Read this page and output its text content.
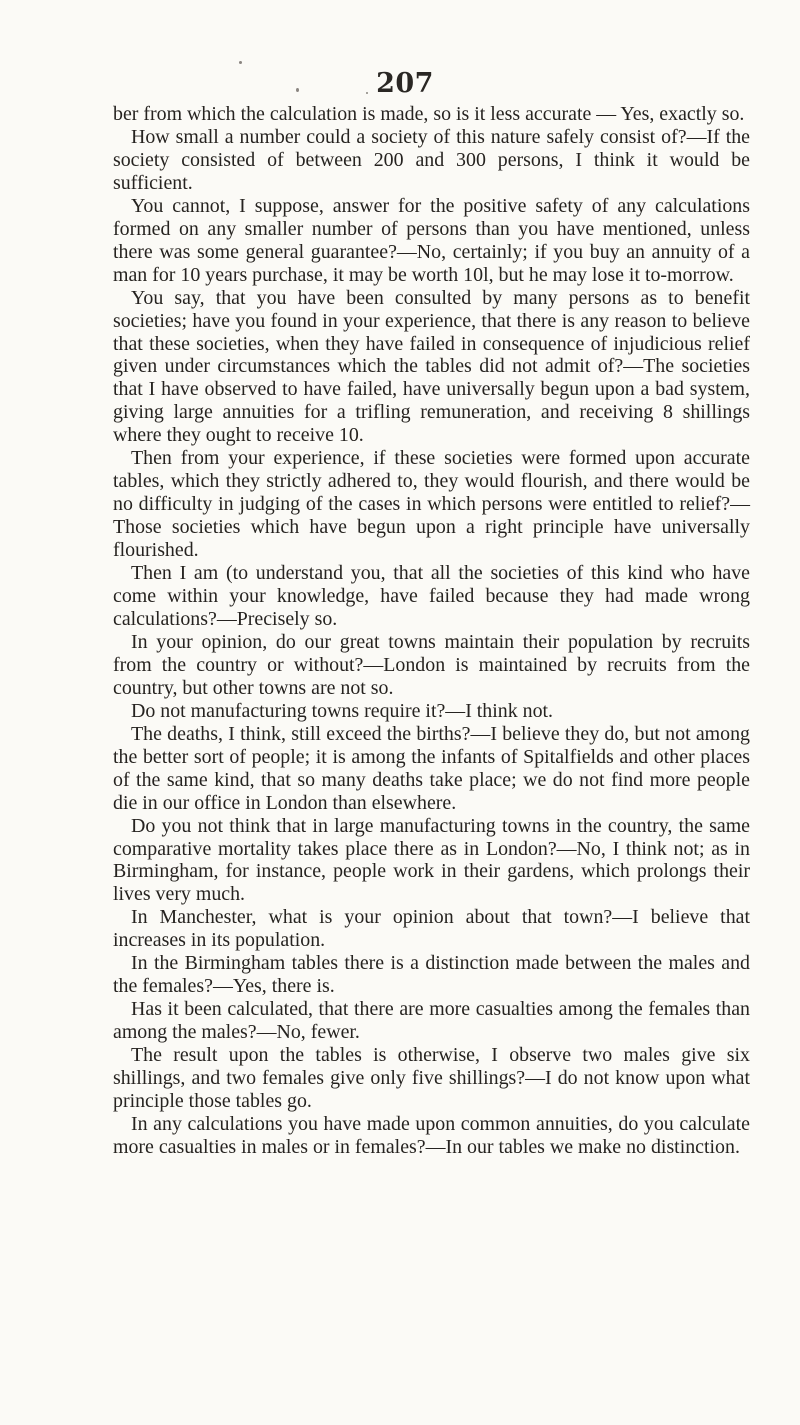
207

ber from which the calculation is made, so is it less accurate — Yes, exactly so.

How small a number could a society of this nature safely consist of?—If the society consisted of between 200 and 300 persons, I think it would be sufficient.

You cannot, I suppose, answer for the positive safety of any calculations formed on any smaller number of persons than you have mentioned, unless there was some general guarantee?—No, certainly; if you buy an annuity of a man for 10 years purchase, it may be worth 10l, but he may lose it to-morrow.

You say, that you have been consulted by many persons as to benefit societies; have you found in your experience, that there is any reason to believe that these societies, when they have failed in consequence of injudicious relief given under circumstances which the tables did not admit of?—The societies that I have observed to have failed, have universally begun upon a bad system, giving large annuities for a trifling remuneration, and receiving 8 shillings where they ought to receive 10.

Then from your experience, if these societies were formed upon accurate tables, which they strictly adhered to, they would flourish, and there would be no difficulty in judging of the cases in which persons were entitled to relief?—Those societies which have begun upon a right principle have universally flourished.

Then I am (to understand you, that all the societies of this kind who have come within your knowledge, have failed because they had made wrong calculations?—Precisely so.

In your opinion, do our great towns maintain their population by recruits from the country or without?—London is maintained by recruits from the country, but other towns are not so.

Do not manufacturing towns require it?—I think not.

The deaths, I think, still exceed the births?—I believe they do, but not among the better sort of people; it is among the infants of Spitalfields and other places of the same kind, that so many deaths take place; we do not find more people die in our office in London than elsewhere.

Do you not think that in large manufacturing towns in the country, the same comparative mortality takes place there as in London?—No, I think not; as in Birmingham, for instance, people work in their gardens, which prolongs their lives very much.

In Manchester, what is your opinion about that town?—I believe that increases in its population.

In the Birmingham tables there is a distinction made between the males and the females?—Yes, there is.

Has it been calculated, that there are more casualties among the females than among the males?—No, fewer.

The result upon the tables is otherwise, I observe two males give six shillings, and two females give only five shillings?—I do not know upon what principle those tables go.

In any calculations you have made upon common annuities, do you calculate more casualties in males or in females?—In our tables we make no distinction.
